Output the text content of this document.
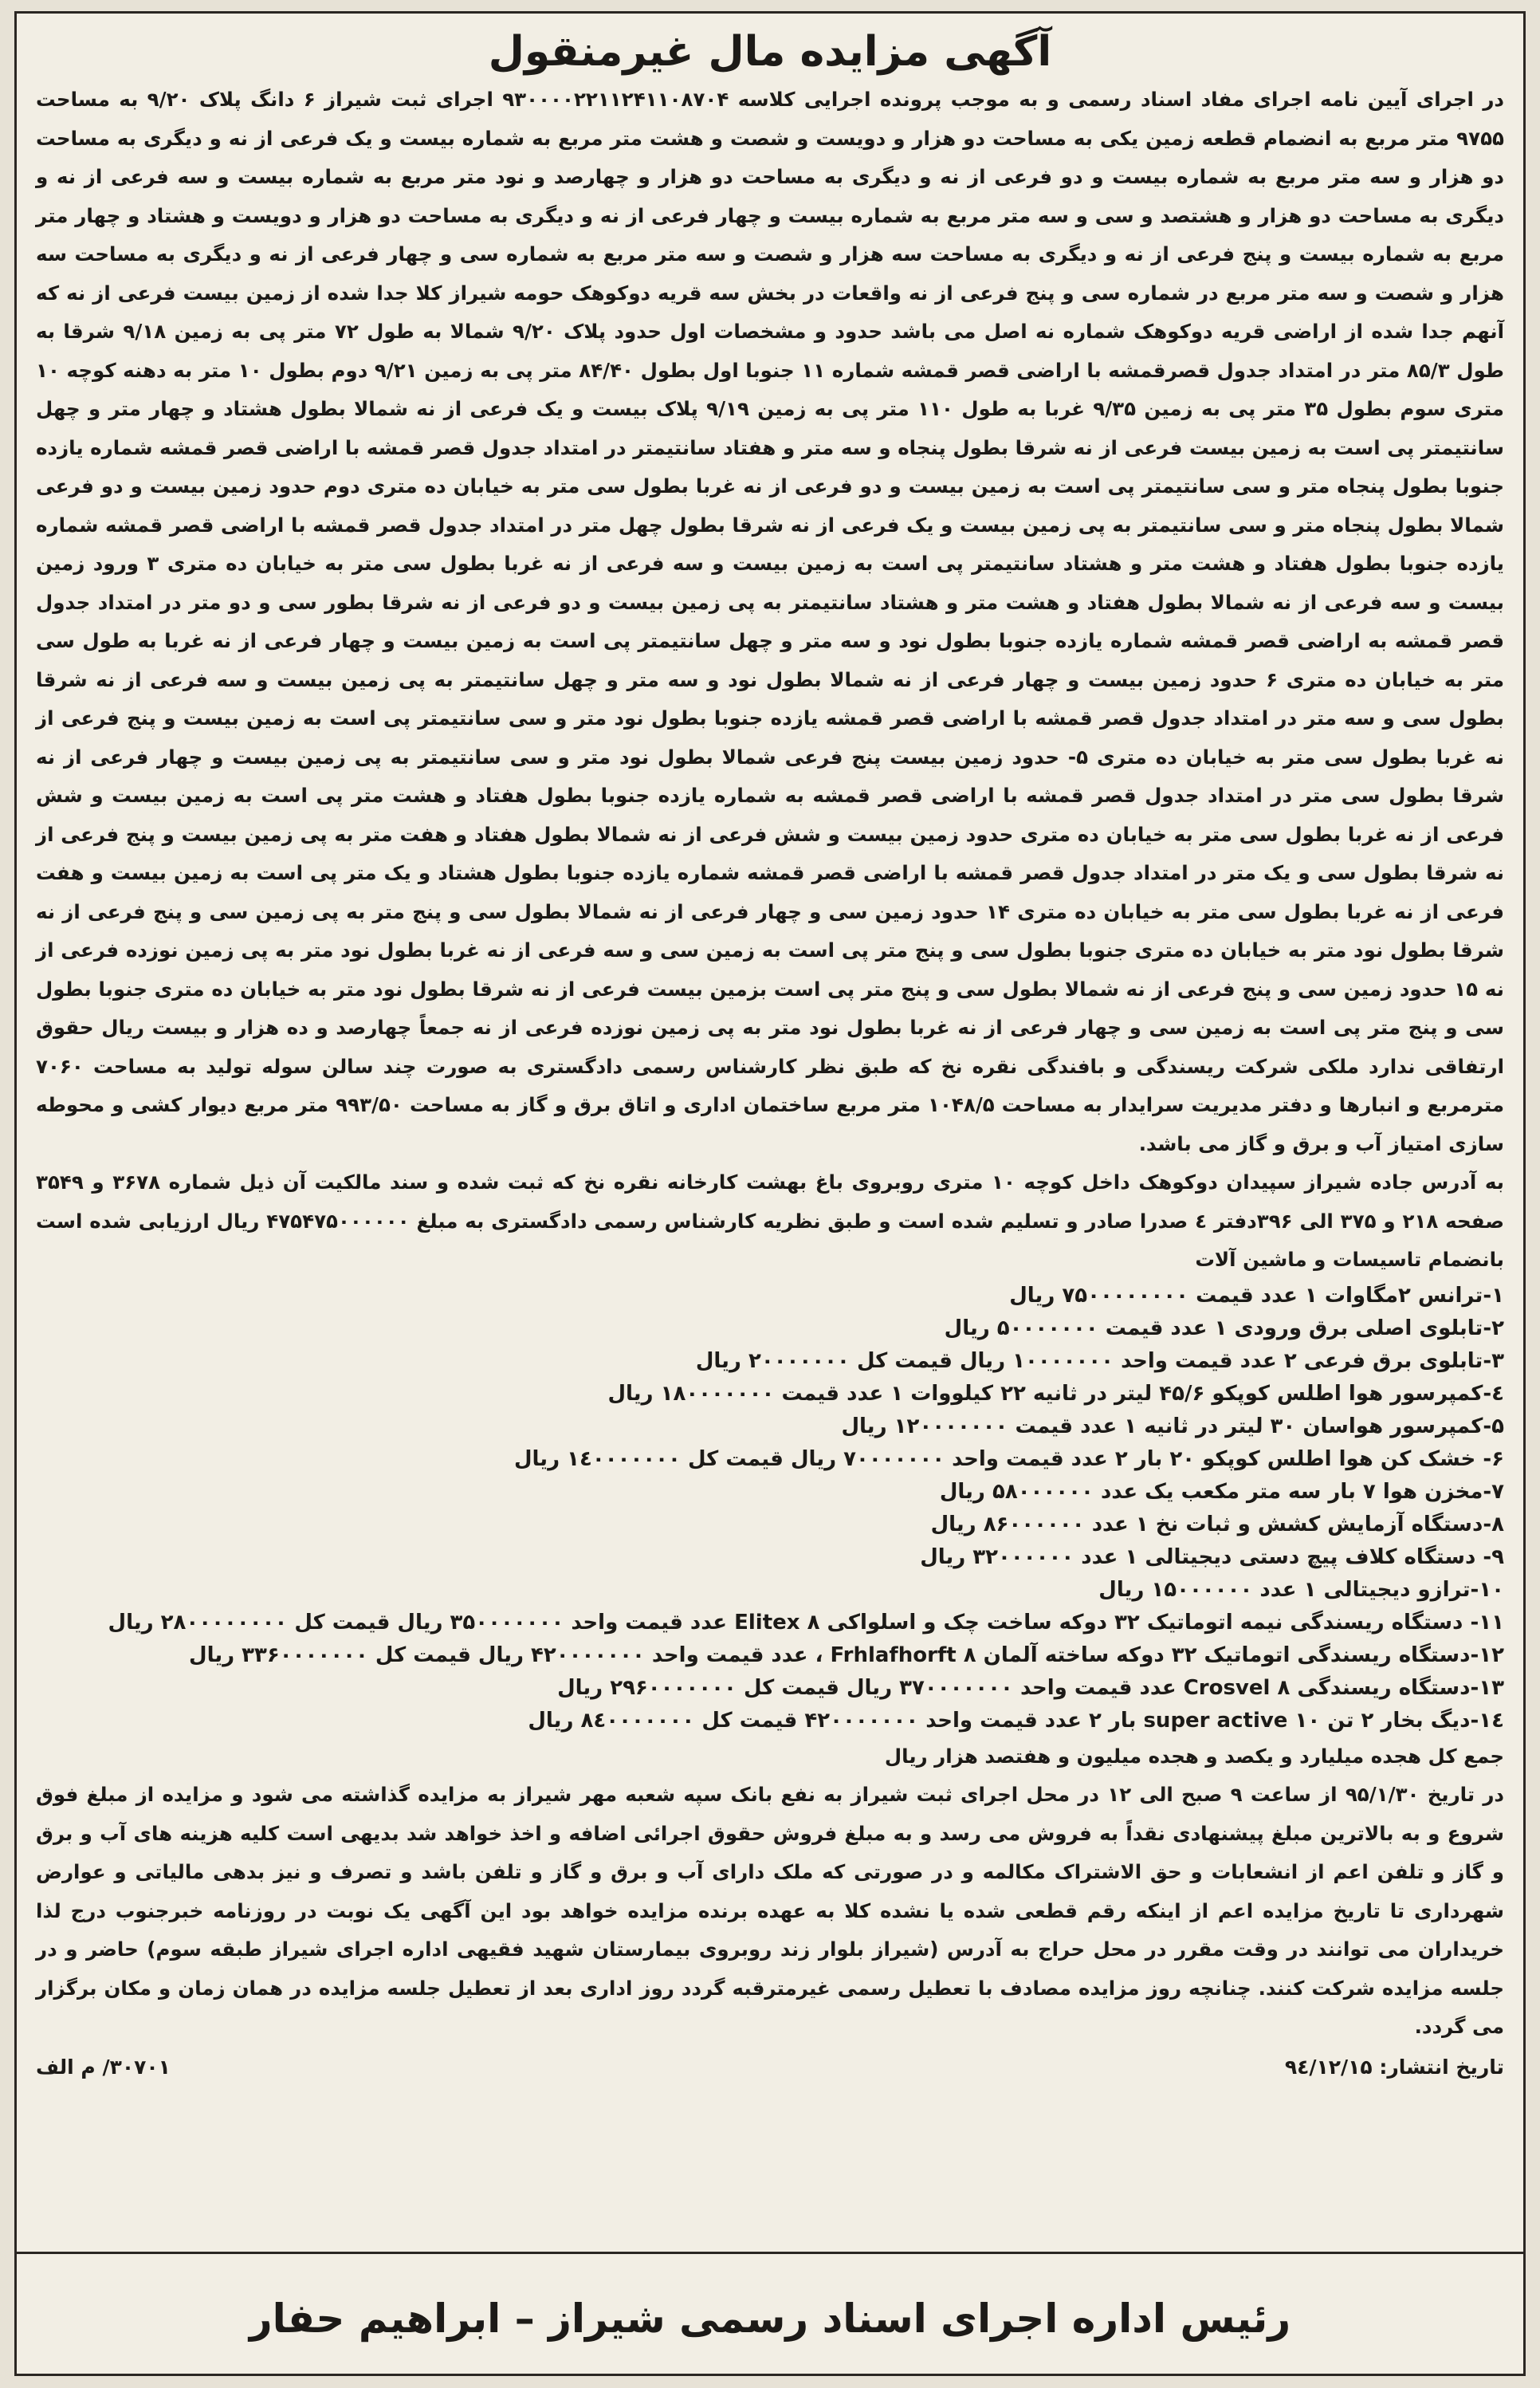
آگهی مزایده مال غیرمنقول

در اجرای آیین نامه اجرای مفاد اسناد رسمی و به موجب پرونده اجرایی کلاسه ۹۳۰۰۰۰۲۲۱۱۲۴۱۱۰۸۷۰۴ اجرای ثبت شیراز ۶ دانگ پلاک ۹/۲۰ به مساحت ۹۷۵۵ متر مربع به انضمام قطعه زمین یکی به مساحت دو هزار و دویست و شصت و هشت متر مربع به شماره بیست و یک فرعی از نه و دیگری به مساحت دو هزار و سه متر مربع به شماره بیست و دو فرعی از نه و دیگری به مساحت دو هزار و چهارصد و نود متر مربع به شماره بیست و سه فرعی از نه و دیگری به مساحت دو هزار و هشتصد و سی و سه متر مربع به شماره بیست و چهار فرعی از نه و دیگری به مساحت دو هزار و دویست و هشتاد و چهار متر مربع به شماره بیست و پنج فرعی از نه و دیگری به مساحت سه هزار و شصت و سه متر مربع به شماره سی و چهار فرعی از نه و دیگری به مساحت سه هزار و شصت و سه متر مربع در شماره سی و پنج فرعی از نه واقعات در بخش سه قریه دوکوهک حومه شیراز کلا جدا شده از زمین بیست فرعی از نه که آنهم جدا شده از اراضی قریه دوکوهک شماره نه اصل می باشد حدود و مشخصات اول حدود پلاک ۹/۲۰ شمالا به طول ۷۲ متر پی به زمین ۹/۱۸ شرقا به طول ۸۵/۳ متر در امتداد جدول قصرقمشه با اراضی قصر قمشه شماره ۱۱ جنوبا اول بطول ۸۴/۴۰ متر پی به زمین ۹/۲۱ دوم بطول ۱۰ متر به دهنه کوچه ۱۰ متری سوم بطول ۳۵ متر پی به زمین ۹/۳۵ غربا به طول ۱۱۰ متر پی به زمین ۹/۱۹ پلاک بیست و یک فرعی از نه شمالا بطول هشتاد و چهار متر و چهل سانتیمتر پی است به زمین بیست فرعی از نه شرقا بطول پنجاه و سه متر و هفتاد سانتیمتر در امتداد جدول قصر قمشه با اراضی قصر قمشه شماره یازده جنوبا بطول پنجاه متر و سی سانتیمتر پی است به زمین بیست و دو فرعی از نه غربا بطول سی متر به خیابان ده متری دوم حدود زمین بیست و دو فرعی شمالا بطول پنجاه متر و سی سانتیمتر به پی زمین بیست و یک فرعی از نه شرقا بطول چهل متر در امتداد جدول قصر قمشه با اراضی قصر قمشه شماره یازده جنوبا بطول هفتاد و هشت متر و هشتاد سانتیمتر پی است به زمین بیست و سه فرعی از نه غربا بطول سی متر به خیابان ده متری ۳ ورود زمین بیست و سه فرعی از نه شمالا بطول هفتاد و هشت متر و هشتاد سانتیمتر به پی زمین بیست و دو فرعی از نه شرقا بطور سی و دو متر در امتداد جدول قصر قمشه به اراضی قصر قمشه شماره یازده جنوبا بطول نود و سه متر و چهل سانتیمتر پی است به زمین بیست و چهار فرعی از نه غربا به طول سی متر به خیابان ده متری ۶ حدود زمین بیست و چهار فرعی از نه شمالا بطول نود و سه متر و چهل سانتیمتر به پی زمین بیست و سه فرعی از نه شرقا بطول سی و سه متر در امتداد جدول قصر قمشه با اراضی قصر قمشه یازده جنوبا بطول نود متر و سی سانتیمتر پی است به زمین بیست و پنج فرعی از نه غربا بطول سی متر به خیابان ده متری ۵- حدود زمین بیست پنج فرعی شمالا بطول نود متر و سی سانتیمتر به پی زمین بیست و چهار فرعی از نه شرقا بطول سی متر در امتداد جدول قصر قمشه با اراضی قصر قمشه به شماره یازده جنوبا بطول هفتاد و هشت متر پی است به زمین بیست و شش فرعی از نه غربا بطول سی متر به خیابان ده متری حدود زمین بیست و شش فرعی از نه شمالا بطول هفتاد و هفت متر به پی زمین بیست و پنج فرعی از نه شرقا بطول سی و یک متر در امتداد جدول قصر قمشه با اراضی قصر قمشه شماره یازده جنوبا بطول هشتاد و یک متر پی است به زمین بیست و هفت فرعی از نه غربا بطول سی متر به خیابان ده متری ۱۴ حدود زمین سی و چهار فرعی از نه شمالا بطول سی و پنج متر به پی زمین سی و پنج فرعی از نه شرقا بطول نود متر به خیابان ده متری جنوبا بطول سی و پنج متر پی است به زمین سی و سه فرعی از نه غربا بطول نود متر به پی زمین نوزده فرعی از نه ۱۵ حدود زمین سی و پنج فرعی از نه شمالا بطول سی و پنج متر پی است بزمین بیست فرعی از نه شرقا بطول نود متر به خیابان ده متری جنوبا بطول سی و پنج متر پی است به زمین سی و چهار فرعی از نه غربا بطول نود متر به پی زمین نوزده فرعی از نه جمعاً چهارصد و ده هزار و بیست ریال حقوق ارتفاقی ندارد ملکی شرکت ریسندگی و بافندگی نقره نخ که طبق نظر کارشناس رسمی دادگستری به صورت چند سالن سوله تولید به مساحت ۷۰۶۰ مترمربع و انبارها و دفتر مدیریت سرایدار به مساحت ۱۰۴۸/۵ متر مربع ساختمان اداری و اتاق برق و گاز به مساحت ۹۹۳/۵۰ متر مربع دیوار کشی و محوطه سازی امتیاز آب و برق و گاز می باشد.

به آدرس جاده شیراز سپیدان دوکوهک داخل کوچه ۱۰ متری روبروی باغ بهشت کارخانه نقره نخ که ثبت شده و سند مالکیت آن ذیل شماره ۳۶۷۸ و ۳۵۴۹ صفحه ۲۱۸ و ۳۷۵ الی ۳۹۶دفتر ٤ صدرا صادر و تسلیم شده است و طبق نظریه کارشناس رسمی دادگستری به مبلغ ۴۷۵۴۷۵۰۰۰۰۰۰ ریال ارزیابی شده است بانضمام تاسیسات و ماشین آلات

۱-ترانس ۲مگاوات ۱ عدد قیمت ۷۵۰۰۰۰۰۰۰۰ ریال
۲-تابلوی اصلی برق ورودی ۱ عدد قیمت ۵۰۰۰۰۰۰۰ ریال
۳-تابلوی برق فرعی ۲ عدد قیمت واحد ۱۰۰۰۰۰۰۰ ریال قیمت کل ۲۰۰۰۰۰۰۰ ریال
٤-کمپرسور هوا اطلس کوپکو ۴۵/۶ لیتر در ثانیه ۲۲ کیلووات ۱ عدد قیمت ۱۸۰۰۰۰۰۰۰ ریال
۵-کمپرسور هواسان ۳۰ لیتر در ثانیه ۱ عدد قیمت ۱۲۰۰۰۰۰۰۰ ریال
۶- خشک کن هوا اطلس کوپکو ۲۰ بار ۲ عدد قیمت واحد ۷۰۰۰۰۰۰۰ ریال قیمت کل ۱٤۰۰۰۰۰۰۰ ریال
۷-مخزن هوا ۷ بار سه متر مکعب یک عدد ۵۸۰۰۰۰۰۰ ریال
۸-دستگاه آزمایش کشش و ثبات نخ ۱ عدد ۸۶۰۰۰۰۰۰ ریال
۹- دستگاه کلاف پیچ دستی دیجیتالی ۱ عدد ۳۲۰۰۰۰۰۰ ریال
۱۰-ترازو دیجیتالی ۱ عدد ۱۵۰۰۰۰۰۰ ریال
۱۱- دستگاه ریسندگی نیمه اتوماتیک ۳۲ دوکه ساخت چک و اسلواکی Elitex ۸ عدد قیمت واحد ۳۵۰۰۰۰۰۰۰ ریال قیمت کل ۲۸۰۰۰۰۰۰۰۰ ریال
۱۲-دستگاه ریسندگی اتوماتیک ۳۲ دوکه ساخته آلمان Frhlafhorft ۸ ، عدد قیمت واحد ۴۲۰۰۰۰۰۰۰ ریال قیمت کل ۳۳۶۰۰۰۰۰۰۰ ریال
۱۳-دستگاه ریسندگی Crosvel ۸ عدد قیمت واحد ۳۷۰۰۰۰۰۰۰ ریال قیمت کل ۲۹۶۰۰۰۰۰۰۰ ریال
۱٤-دیگ بخار ۲ تن ۱۰ super active بار ۲ عدد قیمت واحد ۴۲۰۰۰۰۰۰۰ قیمت کل ۸٤۰۰۰۰۰۰۰ ریال

جمع کل هجده میلیارد و یکصد و هجده میلیون و هفتصد هزار ریال

در تاریخ ۹۵/۱/۳۰ از ساعت ۹ صبح الی ۱۲ در محل اجرای ثبت شیراز به نفع بانک سپه شعبه مهر شیراز به مزایده گذاشته می شود و مزایده از مبلغ فوق شروع و به بالاترین مبلغ پیشنهادی نقداً به فروش می رسد و به مبلغ فروش حقوق اجرائی اضافه و اخذ خواهد شد بدیهی است کلیه هزینه های آب و برق و گاز و تلفن اعم از انشعابات و حق الاشتراک مکالمه و در صورتی که ملک دارای آب و برق و گاز و تلفن باشد و تصرف و نیز بدهی مالیاتی و عوارض شهرداری تا تاریخ مزایده اعم از اینکه رقم قطعی شده یا نشده کلا به عهده برنده مزایده خواهد بود این آگهی یک نوبت در روزنامه خبرجنوب درج لذا خریداران می توانند در وقت مقرر در محل حراج به آدرس (شیراز بلوار زند روبروی بیمارستان شهید فقیهی اداره اجرای شیراز طبقه سوم) حاضر و در جلسه مزایده شرکت کنند. چنانچه روز مزایده مصادف با تعطیل رسمی غیرمترقبه گردد روز اداری بعد از تعطیل جلسه مزایده در همان زمان و مکان برگزار می گردد.

تاریخ انتشار: ۹٤/۱۲/۱۵
۳۰۷۰۱/ م الف
رئیس اداره اجرای اسناد رسمی شیراز – ابراهیم حفار
